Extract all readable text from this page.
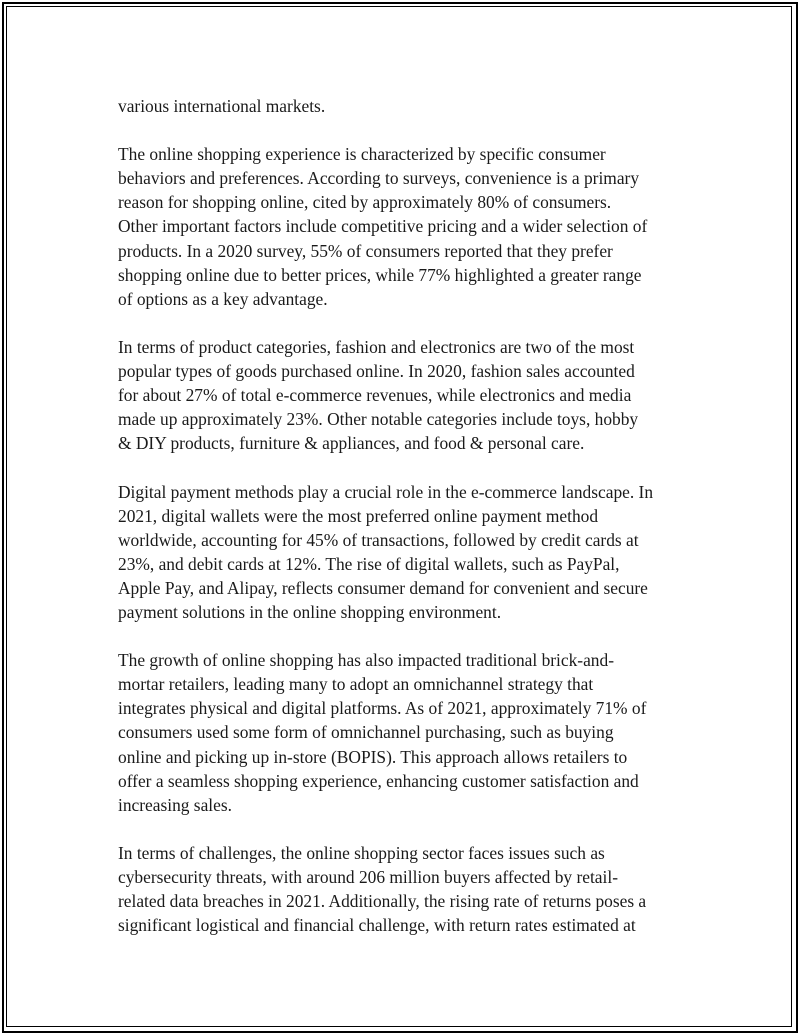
various international markets.

The online shopping experience is characterized by specific consumer
behaviors and preferences. According to surveys, convenience is a primary
reason for shopping online, cited by approximately 80% of consumers.
Other important factors include competitive pricing and a wider selection of
products. In a 2020 survey, 55% of consumers reported that they prefer
shopping online due to better prices, while 77% highlighted a greater range
of options as a key advantage.

In terms of product categories, fashion and electronics are two of the most
popular types of goods purchased online. In 2020, fashion sales accounted
for about 27% of total e-commerce revenues, while electronics and media
made up approximately 23%. Other notable categories include toys, hobby
& DIY products, furniture & appliances, and food & personal care.

Digital payment methods play a crucial role in the e-commerce landscape. In
2021, digital wallets were the most preferred online payment method
worldwide, accounting for 45% of transactions, followed by credit cards at
23%, and debit cards at 12%. The rise of digital wallets, such as PayPal,
Apple Pay, and Alipay, reflects consumer demand for convenient and secure
payment solutions in the online shopping environment.

The growth of online shopping has also impacted traditional brick-and-
mortar retailers, leading many to adopt an omnichannel strategy that
integrates physical and digital platforms. As of 2021, approximately 71% of
consumers used some form of omnichannel purchasing, such as buying
online and picking up in-store (BOPIS). This approach allows retailers to
offer a seamless shopping experience, enhancing customer satisfaction and
increasing sales.

In terms of challenges, the online shopping sector faces issues such as
cybersecurity threats, with around 206 million buyers affected by retail-
related data breaches in 2021. Additionally, the rising rate of returns poses a
significant logistical and financial challenge, with return rates estimated at
